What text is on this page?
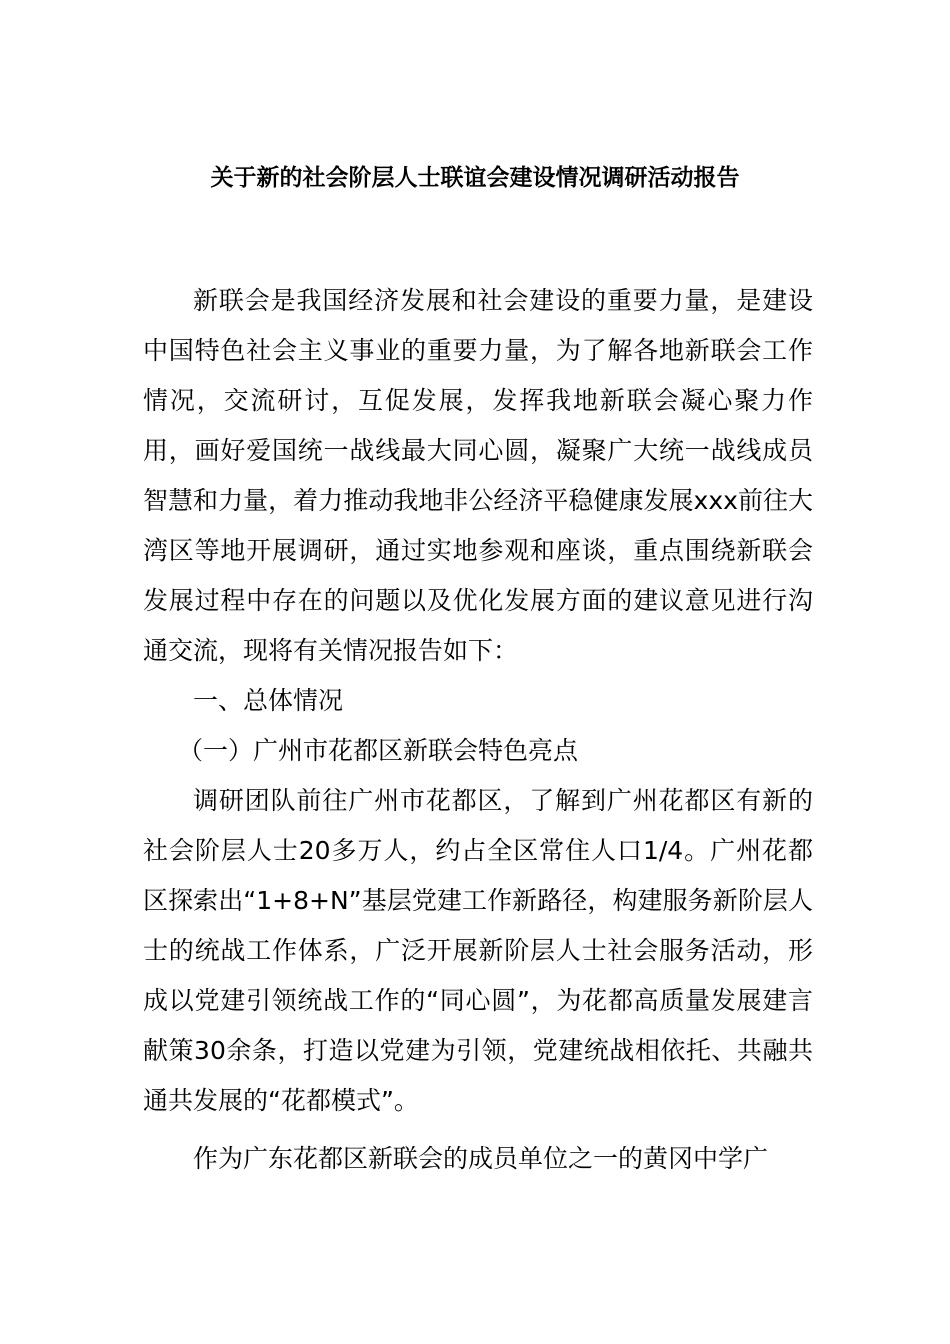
关于新的社会阶层人士联谊会建设情况调研活动报告

新联会是我国经济发展和社会建设的重要力量，是建设中国特色社会主义事业的重要力量，为了解各地新联会工作情况，交流研讨，互促发展，发挥我地新联会凝心聚力作用，画好爱国统一战线最大同心圆，凝聚广大统一战线成员智慧和力量，着力推动我地非公经济平稳健康发展xxx前往大湾区等地开展调研，通过实地参观和座谈，重点围绕新联会发展过程中存在的问题以及优化发展方面的建议意见进行沟通交流，现将有关情况报告如下：

一、总体情况

（一）广州市花都区新联会特色亮点

调研团队前往广州市花都区，了解到广州花都区有新的社会阶层人士20多万人，约占全区常住人口1/4。广州花都区探索出“1+8+N”基层党建工作新路径，构建服务新阶层人士的统战工作体系，广泛开展新阶层人士社会服务活动，形成以党建引领统战工作的“同心圆”，为花都高质量发展建言献策30余条，打造以党建为引领，党建统战相依托、共融共通共发展的“花都模式”。

作为广东花都区新联会的成员单位之一的黄冈中学广
